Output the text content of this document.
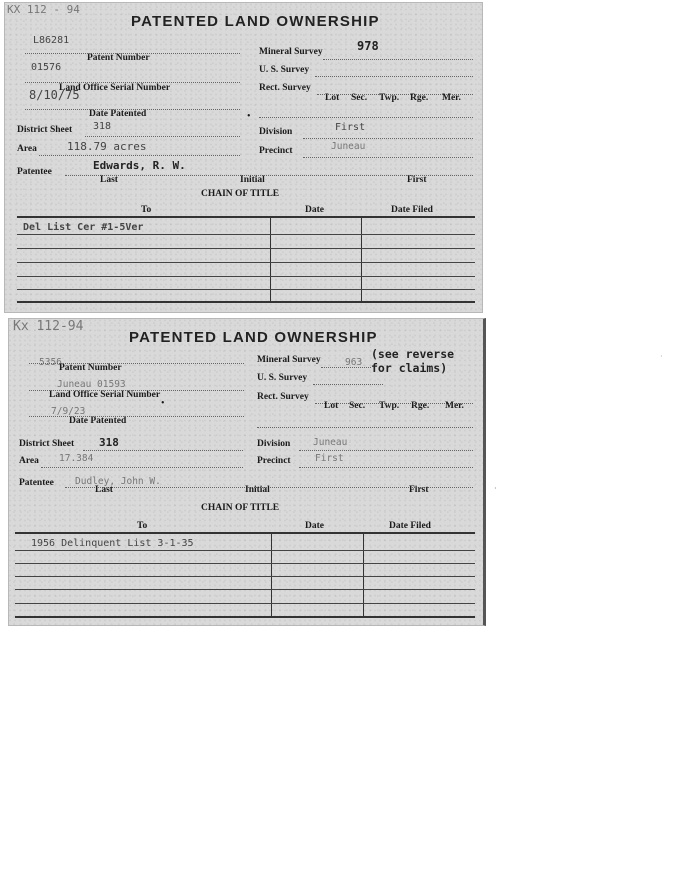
KX 112 - 94
PATENTED LAND OWNERSHIP
L86281
Patent Number
01576
Land Office Serial Number
8/10/75
Date Patented
Mineral Survey	978
U. S. Survey
Rect. Survey
Lot Sec. Twp. Rge. Mer.
•
District Sheet 318	Division	First
Area	118.79 acres	Precinct	Juneau
Patentee	Edwards, R. W.
Last	Initial	First
CHAIN OF TITLE
To	Date	Date Filed
Del List Cer #1-5Ver
Kx 112-94
PATENTED LAND OWNERSHIP
5356
Patent Number
Juneau 01593
Land Office Serial Number
•
7/9/23
Date Patented
Mineral Survey	963
(see reverse for claims)
U. S. Survey
Rect. Survey
Lot Sec. Twp. Rge. Mer.
District Sheet 318	Division Juneau
Area 17.384	Precinct	First
Patentee Dudley, John W.
Last	Initial	First
CHAIN OF TITLE
To	Date	Date Filed
1956 Delinquent List 3-1-35
·
·
